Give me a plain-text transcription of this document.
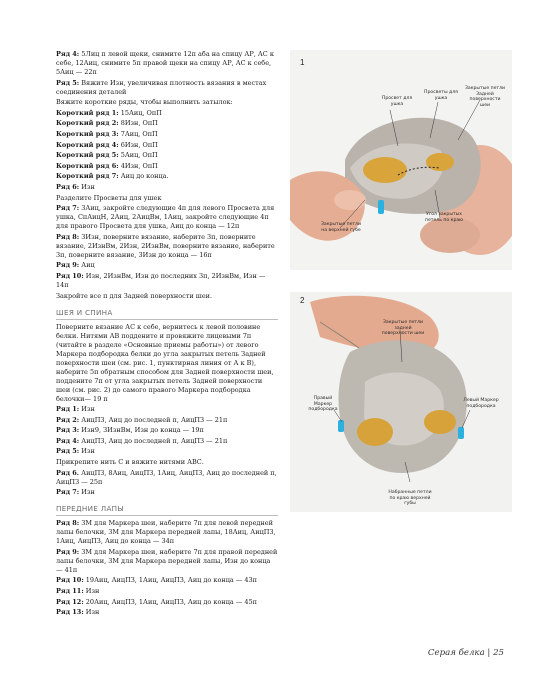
Ряд 4: 5Лиц п левой щеки, снимите 12п аба на спицу АР, АС к себе, 12Аиц, снимите 5п правой щеки на спицу АР, АС к себе, 5Аиц — 22п

Ряд 5: Вяжите Изн, увеличивая плотность вязания в местах соединения деталей

Вяжите короткие ряды, чтобы выполнить затылок:

Короткий ряд 1: 15Аиц, ОпП

Короткий ряд 2: 8Изн, ОпП

Короткий ряд 3: 7Аиц, ОпП

Короткий ряд 4: 6Изн, ОпП

Короткий ряд 5: 5Аиц, ОпП

Короткий ряд 6: 4Изн, ОпП

Короткий ряд 7: Аиц до конца.

Ряд 6: Изн

Разделите Просветы для ушек

Ряд 7: 3Аиц, закройте следующие 4п для левого Просвета для ушка, СпАицН, 2Аиц, 2АицВм, 1Аиц, закройте следующие 4п для правого Просвета для ушка, Аиц до конца — 12п

Ряд 8: 3Изн, поверните вязание, наберите 3п, поверните вязание, 2ИзнВм, 2Изн, 2ИзнВм, поверните вязание, наберите 3п, поверните вязание, 3Изн до конца — 16п

Ряд 9: Аиц

Ряд 10: Изн, 2ИзнВм, Изн до последних 3п, 2ИзнВм, Изн — 14п

Закройте все п для Задней поверхности шеи.

ШЕЯ И СПИНА

Поверните вязание АС к себе, вернитесь к левой половине белки. Нитями АВ поддените и провяжите лицевыми 7п (читайте в разделе «Основные приемы работы») от левого Маркера подбородка белки до угла закрытых петель Задней поверхности шеи (см. рис. 1, пунктирная линия от А к В), наберите 5п обратным способом для Задней поверхности шеи, поддените 7п от угла закрытых петель Задней поверхности шеи (см. рис. 2) до самого правого Маркера подбородка белочки— 19 п

Ряд 1: Изн

Ряд 2: АицПЗ, Аиц до последней п, АицПЗ — 21п

Ряд 3: Изн9, ЗИзнВм, Изн до конца — 19п

Ряд 4: АицПЗ, Аиц до последней п, АицПЗ — 21п

Ряд 5: Изн

Прикрепите нить С и вяжите нитями АВС.

Ряд 6. АицПЗ, 8Аиц, АицПЗ, 1Аиц, АицПЗ, Аиц до последней п, АицПЗ — 25п

Ряд 7: Изн

ПЕРЕДНИЕ ЛАПЫ

Ряд 8: 3М для Маркера шеи, наберите 7п для левой передней лапы белочки, 3М для Маркера передней лапы, 18Аиц, АицПЗ, 1Аиц, АицПЗ, Аиц до конца — 34п

Ряд 9: 3М для Маркера шеи, наберите 7п для правой передней лапы белочки, 3М для Маркера передней лапы, Изн до конца — 41п

Ряд 10: 19Аиц, АицПЗ, 1Аиц, АицПЗ, Аиц до конца — 43п

Ряд 11: Изн

Ряд 12: 20Аиц, АицПЗ, 1Аиц, АицПЗ, Аиц до конца — 45п

Ряд 13: Изн

1
Просвет для ушка
Просветы для ушка
Закрытые петли Задней поверхности шеи
Закрытые петли на верхней губе
Угол закрытых петель по краю
2
Закрытые петли задней поверхности шеи
Правый Маркер подбородка
Левый Маркер подбородка
Набранные петли по краю верхней губы
Серая белка | 25
